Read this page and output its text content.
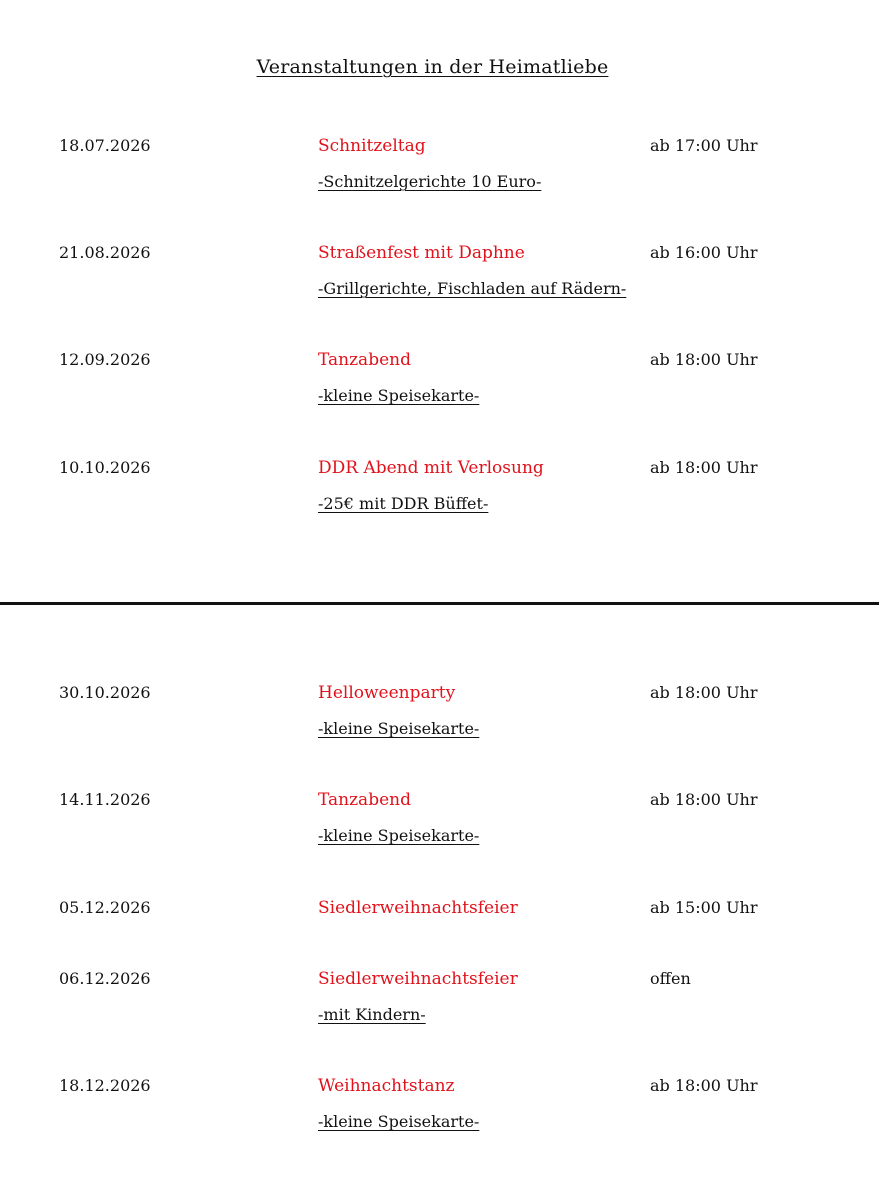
Veranstaltungen in der Heimatliebe
18.07.2026	Schnitzeltag	ab 17:00 Uhr
-Schnitzelgerichte 10 Euro-
21.08.2026	Straßenfest mit Daphne	ab 16:00 Uhr
-Grillgerichte, Fischladen auf Rädern-
12.09.2026	Tanzabend	ab 18:00 Uhr
-kleine Speisekarte-
10.10.2026	DDR Abend mit Verlosung	ab 18:00 Uhr
-25€ mit DDR Büffet-
30.10.2026	Helloweenparty	ab 18:00 Uhr
-kleine Speisekarte-
14.11.2026	Tanzabend	ab 18:00 Uhr
-kleine Speisekarte-
05.12.2026	Siedlerweihnachtsfeier	ab 15:00 Uhr
06.12.2026	Siedlerweihnachtsfeier	offen
-mit Kindern-
18.12.2026	Weihnachtstanz	ab 18:00 Uhr
-kleine Speisekarte-
